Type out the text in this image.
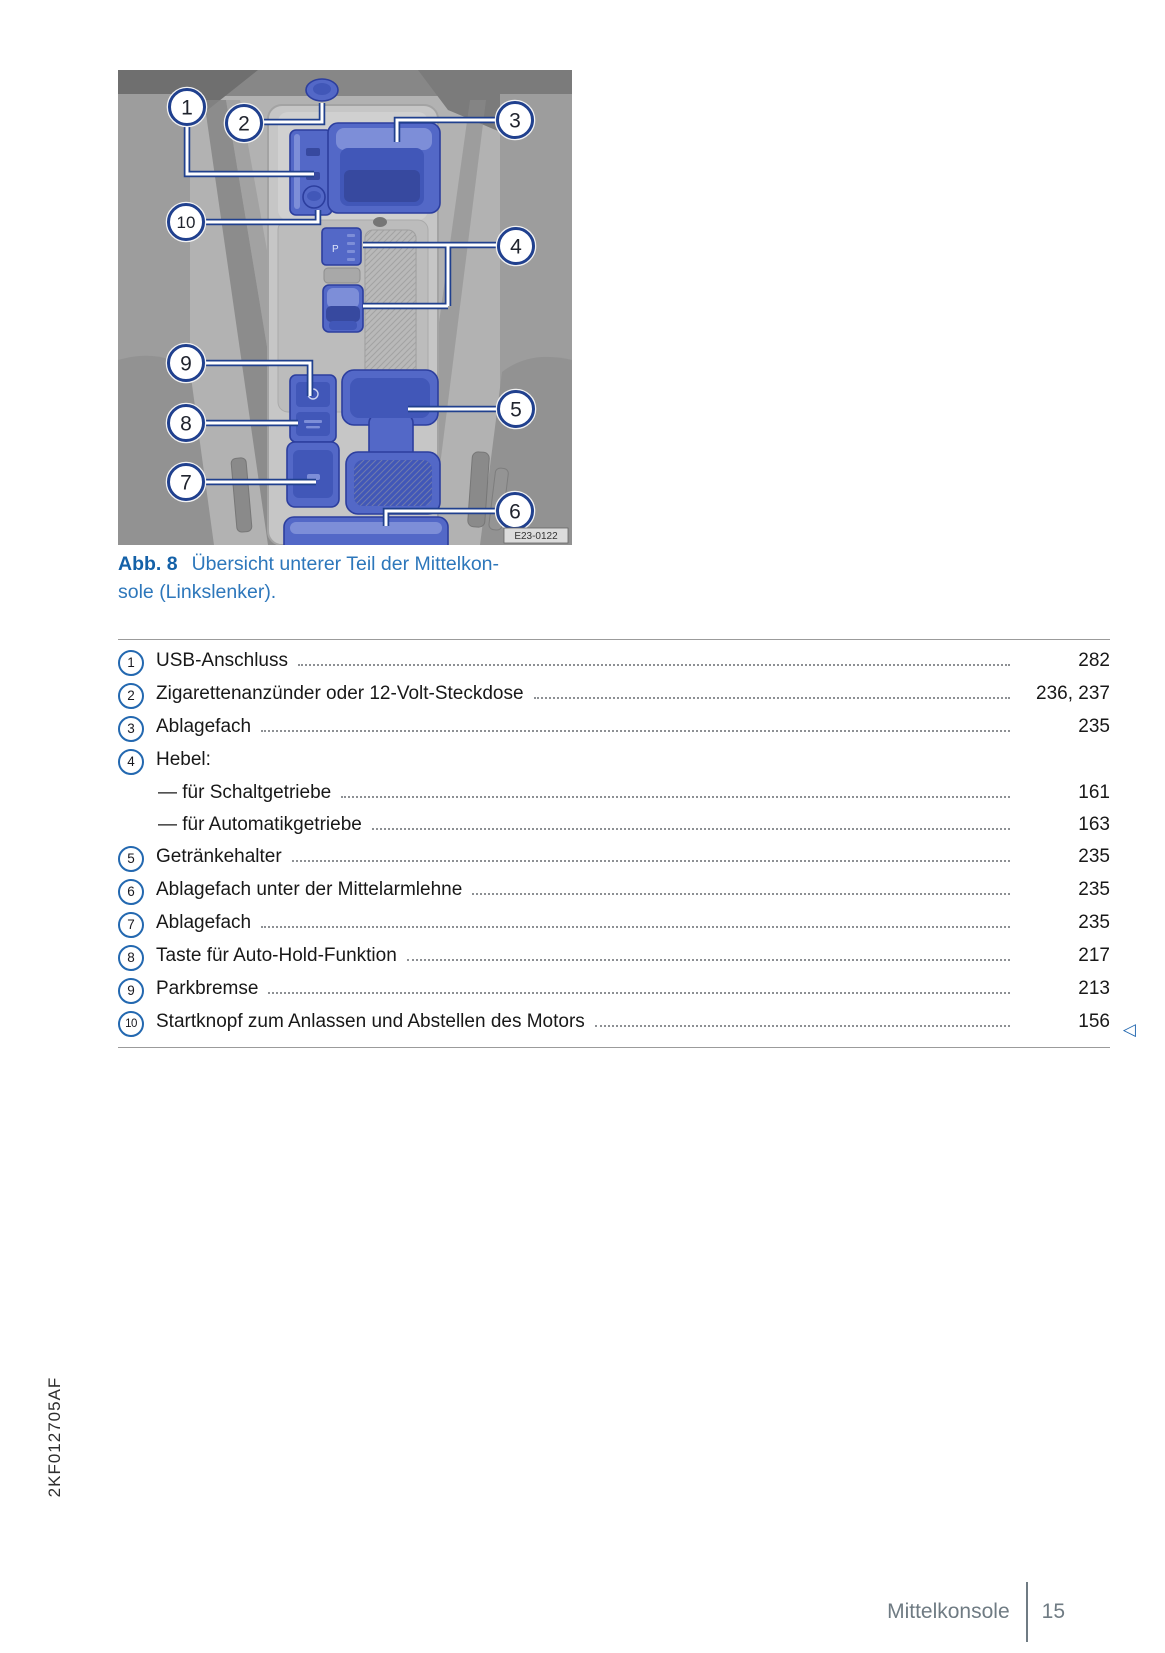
P
1
2	3
10
4
9
8
5
7
6
E23-0122
Abb. 8 Übersicht unterer Teil der Mittelkon-
sole (Linkslenker).
1	USB-Anschluss	282
2	Zigarettenanzünder oder 12-Volt-Steckdose	236, 237
3	Ablagefach	235
4	Hebel:
— für Schaltgetriebe	161
— für Automatikgetriebe	163
5	Getränkehalter	235
6	Ablagefach unter der Mittelarmlehne	235
7	Ablagefach	235
8	Taste für Auto-Hold-Funktion	217
9	Parkbremse	213
10	Startknopf zum Anlassen und Abstellen des Motors	156 ◁
2KF012705AF
Mittelkonsole 15
